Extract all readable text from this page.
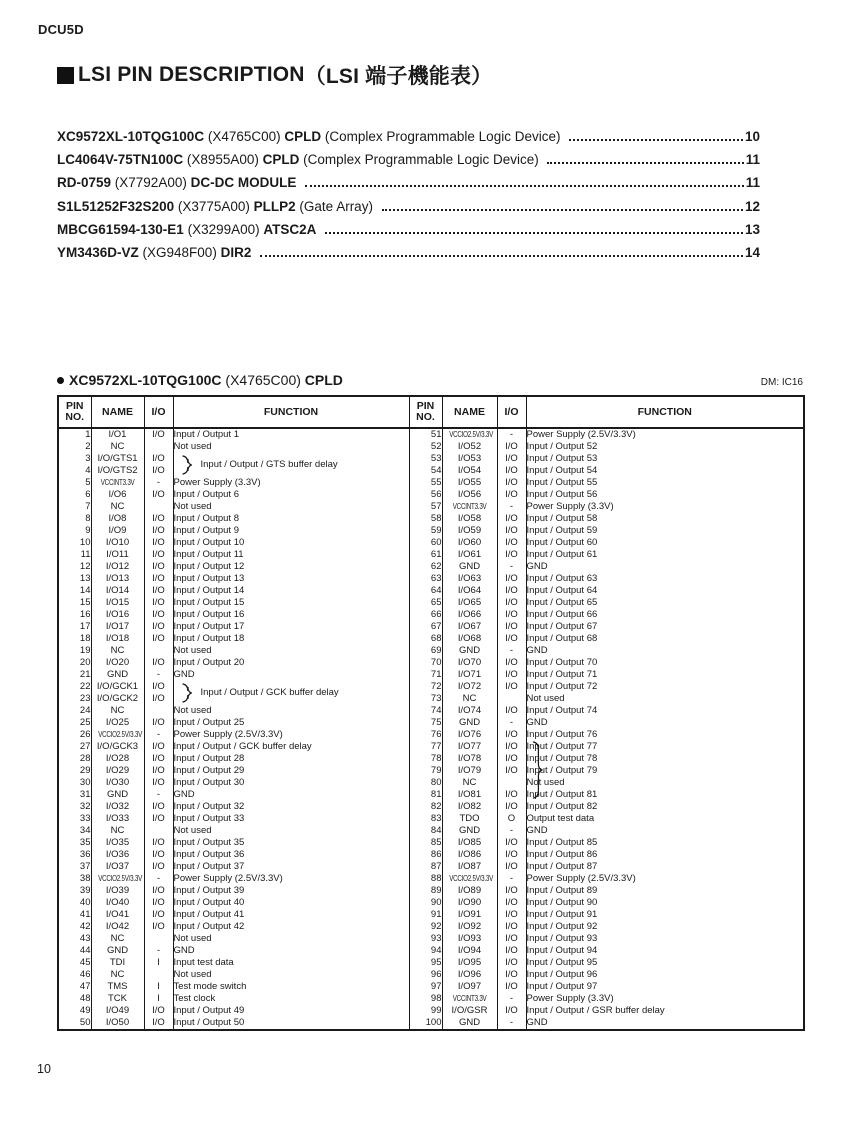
DCU5D
LSI PIN DESCRIPTION （LSI 端子機能表）
XC9572XL-10TQG100C (X4765C00) CPLD (Complex Programmable Logic Device)	10
LC4064V-75TN100C (X8955A00) CPLD (Complex Programmable Logic Device)	11
RD-0759 (X7792A00) DC-DC MODULE	11
S1L51252F32S200 (X3775A00) PLLP2 (Gate Array)	12
MBCG61594-130-E1 (X3299A00) ATSC2A	13
YM3436D-VZ (XG948F00) DIR2	14
XC9572XL-10TQG100C (X4765C00) CPLD	DM: IC16
PIN
NO.	NAME	I/O	FUNCTION	PIN
NO.	NAME	I/O	FUNCTION
1	I/O1	I/O	Input / Output 1	51	VCCIO2.5V/3.3V	-	Power Supply (2.5V/3.3V)
2	NC		Not used	52	I/O52	I/O	Input / Output 52
3	I/O/GTS1	I/O	Input / Output / GTS buffer delay	53	I/O53	I/O	Input / Output 53
4	I/O/GTS2	I/O		54	I/O54	I/O	Input / Output 54
5	VCCINT3.3V	-	Power Supply (3.3V)	55	I/O55	I/O	Input / Output 55
6	I/O6	I/O	Input / Output 6	56	I/O56	I/O	Input / Output 56
7	NC		Not used	57	VCCINT3.3V	-	Power Supply (3.3V)
8	I/O8	I/O	Input / Output 8	58	I/O58	I/O	Input / Output 58
9	I/O9	I/O	Input / Output 9	59	I/O59	I/O	Input / Output 59
10	I/O10	I/O	Input / Output 10	60	I/O60	I/O	Input / Output 60
11	I/O11	I/O	Input / Output 11	61	I/O61	I/O	Input / Output 61
12	I/O12	I/O	Input / Output 12	62	GND	-	GND
13	I/O13	I/O	Input / Output 13	63	I/O63	I/O	Input / Output 63
14	I/O14	I/O	Input / Output 14	64	I/O64	I/O	Input / Output 64
15	I/O15	I/O	Input / Output 15	65	I/O65	I/O	Input / Output 65
16	I/O16	I/O	Input / Output 16	66	I/O66	I/O	Input / Output 66
17	I/O17	I/O	Input / Output 17	67	I/O67	I/O	Input / Output 67
18	I/O18	I/O	Input / Output 18	68	I/O68	I/O	Input / Output 68
19	NC		Not used	69	GND	-	GND
20	I/O20	I/O	Input / Output 20	70	I/O70	I/O	Input / Output 70
21	GND	-	GND	71	I/O71	I/O	Input / Output 71
22	I/O/GCK1	I/O	Input / Output / GCK buffer delay	72	I/O72	I/O	Input / Output 72
23	I/O/GCK2	I/O		73	NC		Not used
24	NC		Not used	74	I/O74	I/O	Input / Output 74
25	I/O25	I/O	Input / Output 25	75	GND	-	GND
26	VCCIO2.5V/3.3V	-	Power Supply (2.5V/3.3V)	76	I/O76	I/O	Input / Output 76
27	I/O/GCK3	I/O	Input / Output / GCK buffer delay	77	I/O77	I/O	Input / Output 77
28	I/O28	I/O	Input / Output 28	78	I/O78	I/O	Input / Output 78
29	I/O29	I/O	Input / Output 29	79	I/O79	I/O	Input / Output 79
30	I/O30	I/O	Input / Output 30	80	NC		Not used
31	GND	-	GND	81	I/O81	I/O	Input / Output 81
32	I/O32	I/O	Input / Output 32	82	I/O82	I/O	Input / Output 82
33	I/O33	I/O	Input / Output 33	83	TDO	O	Output test data
34	NC		Not used	84	GND	-	GND
35	I/O35	I/O	Input / Output 35	85	I/O85	I/O	Input / Output 85
36	I/O36	I/O	Input / Output 36	86	I/O86	I/O	Input / Output 86
37	I/O37	I/O	Input / Output 37	87	I/O87	I/O	Input / Output 87
38	VCCIO2.5V/3.3V	-	Power Supply (2.5V/3.3V)	88	VCCIO2.5V/3.3V	-	Power Supply (2.5V/3.3V)
39	I/O39	I/O	Input / Output 39	89	I/O89	I/O	Input / Output 89
40	I/O40	I/O	Input / Output 40	90	I/O90	I/O	Input / Output 90
41	I/O41	I/O	Input / Output 41	91	I/O91	I/O	Input / Output 91
42	I/O42	I/O	Input / Output 42	92	I/O92	I/O	Input / Output 92
43	NC		Not used	93	I/O93	I/O	Input / Output 93
44	GND	-	GND	94	I/O94	I/O	Input / Output 94
45	TDI	I	Input test data	95	I/O95	I/O	Input / Output 95
46	NC		Not used	96	I/O96	I/O	Input / Output 96
47	TMS	I	Test mode switch	97	I/O97	I/O	Input / Output 97
48	TCK	I	Test clock	98	VCCINT3.3V	-	Power Supply (3.3V)
49	I/O49	I/O	Input / Output 49	99	I/O/GSR	I/O	Input / Output / GSR buffer delay
50	I/O50	I/O	Input / Output 50	100	GND	-	GND
10
